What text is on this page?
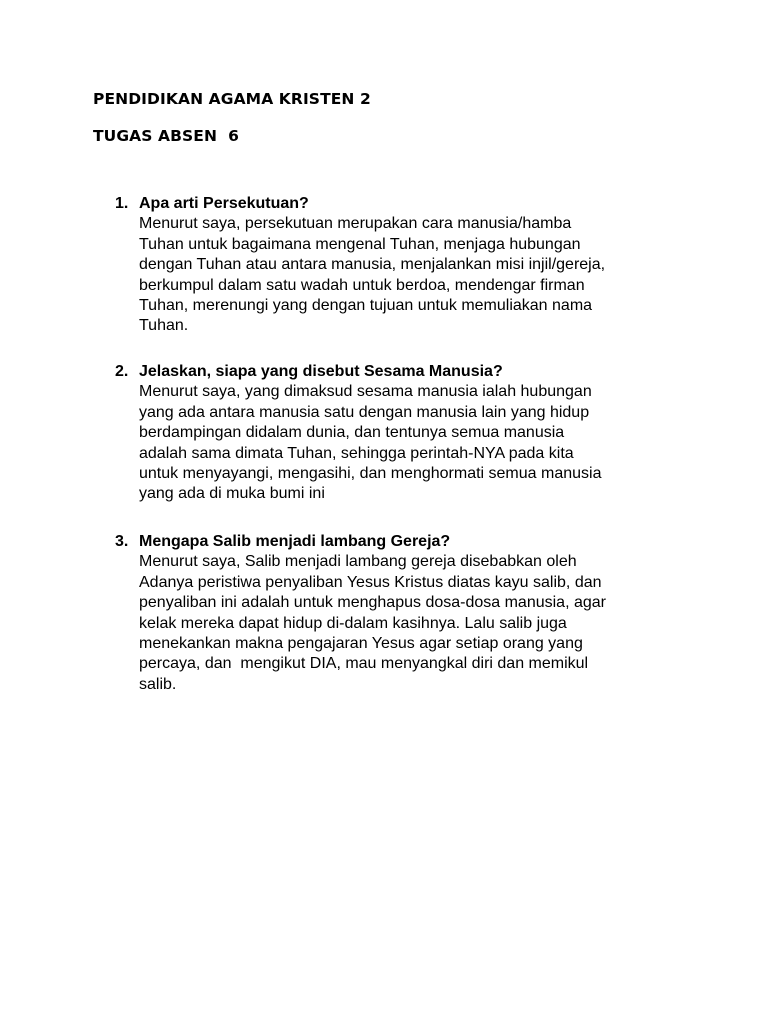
PENDIDIKAN AGAMA KRISTEN 2

TUGAS ABSEN  6

1. Apa arti Persekutuan?

Menurut saya, persekutuan merupakan cara manusia/hamba

Tuhan untuk bagaimana mengenal Tuhan, menjaga hubungan

dengan Tuhan atau antara manusia, menjalankan misi injil/gereja,

berkumpul dalam satu wadah untuk berdoa, mendengar firman

Tuhan, merenungi yang dengan tujuan untuk memuliakan nama

Tuhan.

2. Jelaskan, siapa yang disebut Sesama Manusia?

Menurut saya, yang dimaksud sesama manusia ialah hubungan

yang ada antara manusia satu dengan manusia lain yang hidup

berdampingan didalam dunia, dan tentunya semua manusia

adalah sama dimata Tuhan, sehingga perintah-NYA pada kita

untuk menyayangi, mengasihi, dan menghormati semua manusia

yang ada di muka bumi ini

3. Mengapa Salib menjadi lambang Gereja?

Menurut saya, Salib menjadi lambang gereja disebabkan oleh

Adanya peristiwa penyaliban Yesus Kristus diatas kayu salib, dan

penyaliban ini adalah untuk menghapus dosa-dosa manusia, agar

kelak mereka dapat hidup di-dalam kasihnya. Lalu salib juga

menekankan makna pengajaran Yesus agar setiap orang yang

percaya, dan  mengikut DIA, mau menyangkal diri dan memikul

salib.
